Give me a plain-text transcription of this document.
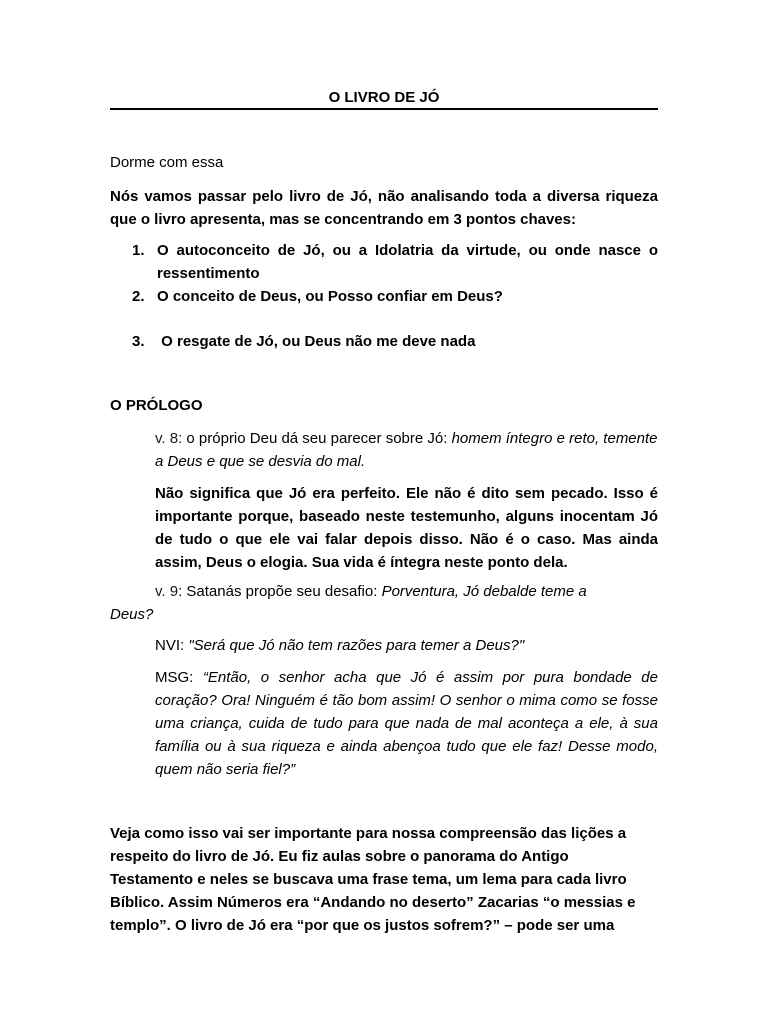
O LIVRO DE JÓ
Dorme com essa
Nós vamos passar pelo livro de Jó, não analisando toda a diversa riqueza que o livro apresenta, mas se concentrando em 3 pontos chaves:
1. O autoconceito de Jó, ou a Idolatria da virtude, ou onde nasce o ressentimento
2. O conceito de Deus, ou Posso confiar em Deus?
3. O resgate de Jó, ou Deus não me deve nada
O PRÓLOGO
v. 8: o próprio Deu dá seu parecer sobre Jó: homem íntegro e reto, temente a Deus e que se desvia do mal.
Não significa que Jó era perfeito. Ele não é dito sem pecado. Isso é importante porque, baseado neste testemunho, alguns inocentam Jó de tudo o que ele vai falar depois disso. Não é o caso. Mas ainda assim, Deus o elogia. Sua vida é íntegra neste ponto dela.
v. 9: Satanás propõe seu desafio: Porventura, Jó debalde teme a
Deus?
NVI: "Será que Jó não tem razões para temer a Deus?"
MSG: “Então, o senhor acha que Jó é assim por pura bondade de coração? Ora! Ninguém é tão bom assim! O senhor o mima como se fosse uma criança, cuida de tudo para que nada de mal aconteça a ele, à sua família ou à sua riqueza e ainda abençoa tudo que ele faz! Desse modo, quem não seria fiel?”
Veja como isso vai ser importante para nossa compreensão das lições a
respeito do livro de Jó. Eu fiz aulas sobre o panorama do Antigo
Testamento e neles se buscava uma frase tema, um lema para cada livro
Bíblico. Assim Números era “Andando no deserto” Zacarias “o messias e
templo”. O livro de Jó era “por que os justos sofrem?” – pode ser uma
